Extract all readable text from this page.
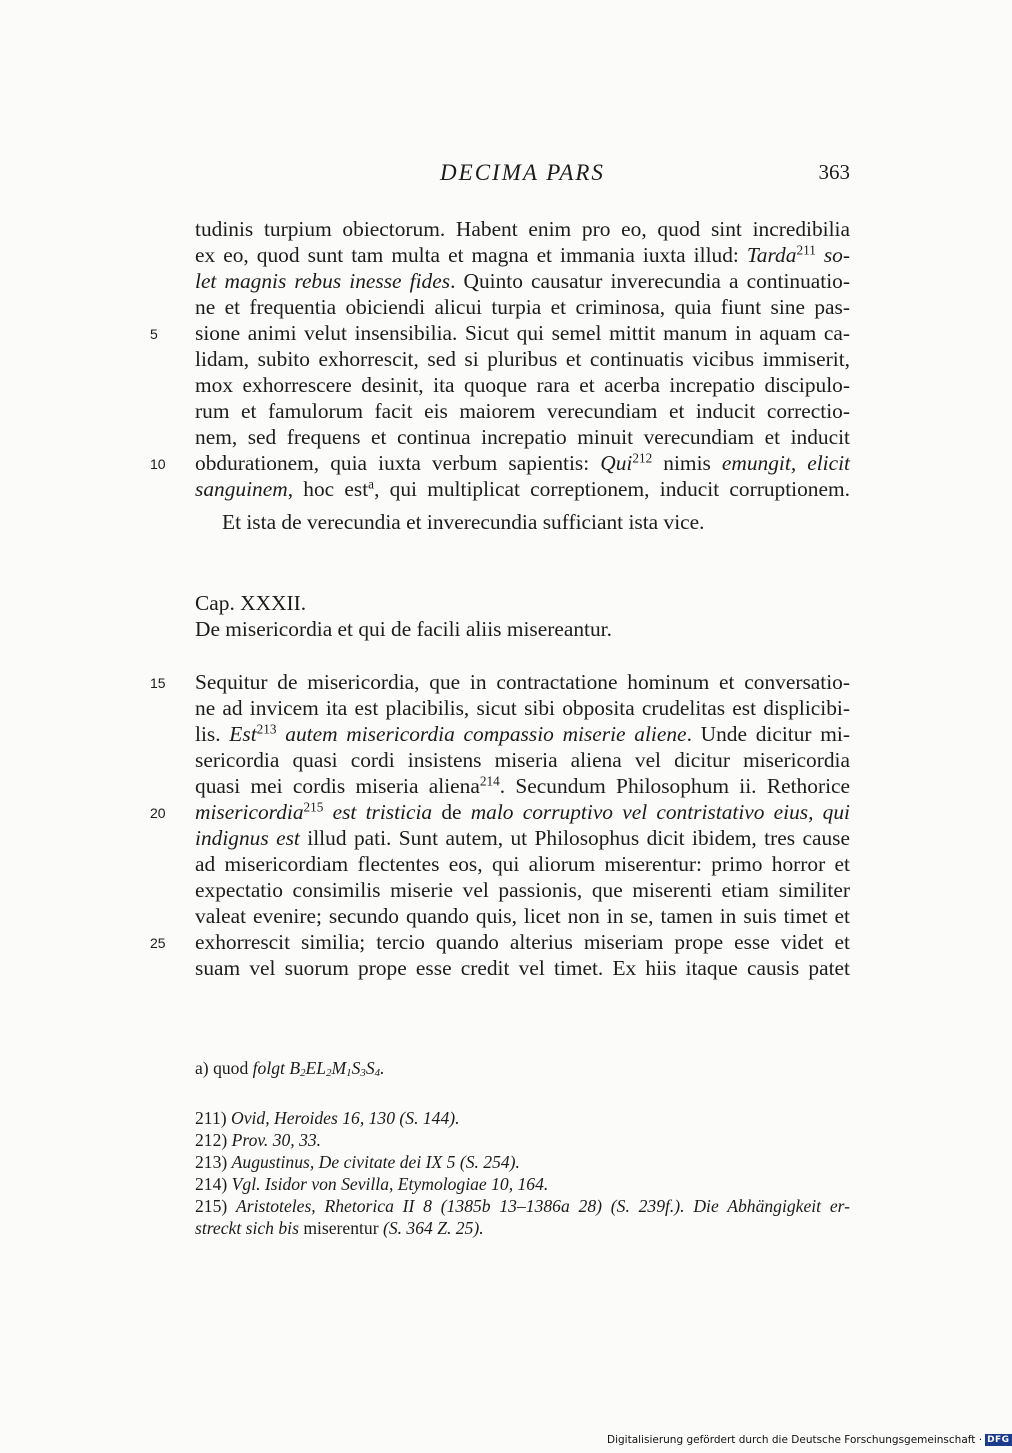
DECIMA PARS	363
tudinis turpium obiectorum. Habent enim pro eo, quod sint incredibilia
ex eo, quod sunt tam multa et magna et immania iuxta illud: Tarda$^{211}$ so-
let magnis rebus inesse fides. Quinto causatur inverecundia a continuatio-
ne et frequentia obiciendi alicui turpia et criminosa, quia fiunt sine pas-
sione animi velut insensibilia. Sicut qui semel mittit manum in aquam ca-
lidam, subito exhorrescit, sed si pluribus et continuatis vicibus immiserit,
mox exhorrescere desinit, ita quoque rara et acerba increpatio discipulo-
rum et famulorum facit eis maiorem verecundiam et inducit correctio-
nem, sed frequens et continua increpatio minuit verecundiam et inducit
obdurationem, quia iuxta verbum sapientis: Qui$^{212}$ nimis emungit, elicit
sanguinem, hoc est$^a$, qui multiplicat correptionem, inducit corruptionem.
Et ista de verecundia et inverecundia sufficiant ista vice.
Cap. XXXII.
De misericordia et qui de facili aliis misereantur.
Sequitur de misericordia, que in contractatione hominum et conversatio-
ne ad invicem ita est placibilis, sicut sibi obposita crudelitas est displicibi-
lis. Est$^{213}$ autem misericordia compassio miserie aliene. Unde dicitur mi-
sericordia quasi cordi insistens miseria aliena vel dicitur misericordia
quasi mei cordis miseria aliena$^{214}$. Secundum Philosophum ii. Rethorice
misericordia$^{215}$ est tristicia de malo corruptivo vel contristativo eius, qui
indignus est illud pati. Sunt autem, ut Philosophus dicit ibidem, tres cause
ad misericordiam flectentes eos, qui aliorum miserentur: primo horror et
expectatio consimilis miserie vel passionis, que miserenti etiam similiter
valeat evenire; secundo quando quis, licet non in se, tamen in suis timet et
exhorrescit similia; tercio quando alterius miseriam prope esse videt et
suam vel suorum prope esse credit vel timet. Ex hiis itaque causis patet
5
10
15
20
25
a) quod folgt $B_2EL_2M_1S_3S_4$.
211) Ovid, Heroides 16, 130 (S. 144).
212) Prov. 30, 33.
213) Augustinus, De civitate dei IX 5 (S. 254).
214) Vgl. Isidor von Sevilla, Etymologiae 10, 164.
215) Aristoteles, Rhetorica II 8 (1385b 13–1386a 28) (S. 239f.). Die Abhängigkeit er-
streckt sich bis miserentur (S. 364 Z. 25).
Digitalisierung gefördert durch die Deutsche Forschungsgemeinschaft · DFG
